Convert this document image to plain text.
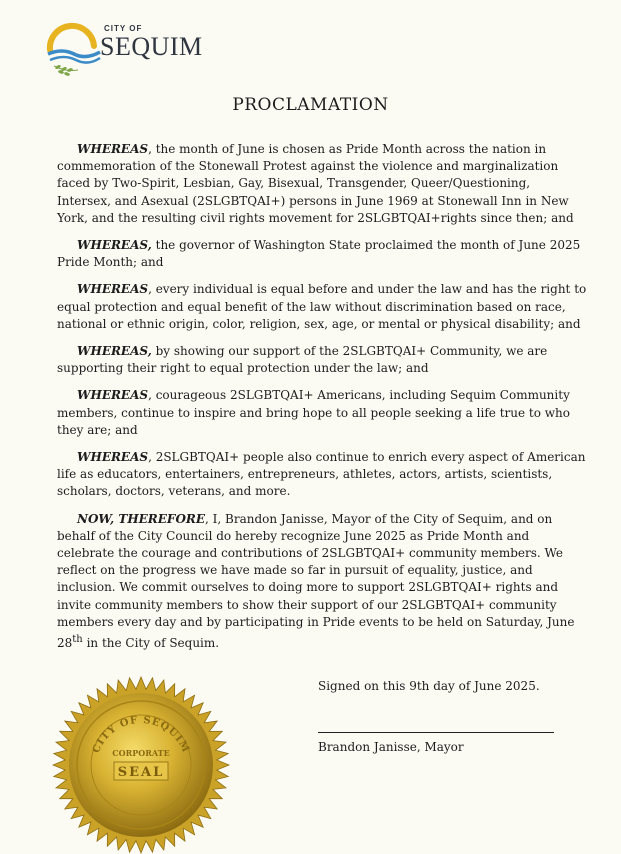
CITY OF
SEQUIM
PROCLAMATION

WHEREAS, the month of June is chosen as Pride Month across the nation in commemoration of the Stonewall Protest against the violence and marginalization faced by Two-Spirit, Lesbian, Gay, Bisexual, Transgender, Queer/Questioning, Intersex, and Asexual (2SLGBTQAI+) persons in June 1969 at Stonewall Inn in New York, and the resulting civil rights movement for 2SLGBTQAI+rights since then; and

WHEREAS, the governor of Washington State proclaimed the month of June 2025 Pride Month; and

WHEREAS, every individual is equal before and under the law and has the right to equal protection and equal benefit of the law without discrimination based on race, national or ethnic origin, color, religion, sex, age, or mental or physical disability; and

WHEREAS, by showing our support of the 2SLGBTQAI+ Community, we are supporting their right to equal protection under the law; and

WHEREAS, courageous 2SLGBTQAI+ Americans, including Sequim Community members, continue to inspire and bring hope to all people seeking a life true to who they are; and

WHEREAS, 2SLGBTQAI+ people also continue to enrich every aspect of American life as educators, entertainers, entrepreneurs, athletes, actors, artists, scientists, scholars, doctors, veterans, and more.

NOW, THEREFORE, I, Brandon Janisse, Mayor of the City of Sequim, and on behalf of the City Council do hereby recognize June 2025 as Pride Month and celebrate the courage and contributions of 2SLGBTQAI+ community members. We reflect on the progress we have made so far in pursuit of equality, justice, and inclusion. We commit ourselves to doing more to support 2SLGBTQAI+ rights and invite community members to show their support of our 2SLGBTQAI+ community members every day and by participating in Pride events to be held on Saturday, June 28th in the City of Sequim.

Signed on this 9th day of June 2025.
Brandon Janisse, Mayor
CITY OF SEQUIM
CORPORATE
SEAL
